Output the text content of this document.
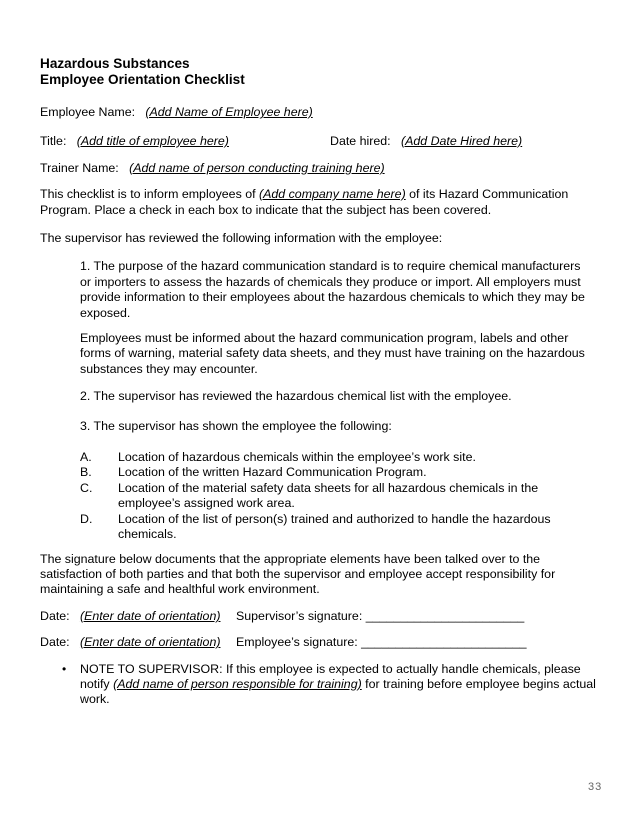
Hazardous Substances
Employee Orientation Checklist
Employee Name: (Add Name of Employee here)
Title: (Add title of employee here)	Date hired: (Add Date Hired here)
Trainer Name: (Add name of person conducting training here)
This checklist is to inform employees of (Add company name here) of its Hazard Communication
Program. Place a check in each box to indicate that the subject has been covered.
The supervisor has reviewed the following information with the employee:
1. The purpose of the hazard communication standard is to require chemical manufacturers
or importers to assess the hazards of chemicals they produce or import. All employers must
provide information to their employees about the hazardous chemicals to which they may be
exposed.
Employees must be informed about the hazard communication program, labels and other
forms of warning, material safety data sheets, and they must have training on the hazardous
substances they may encounter.
2. The supervisor has reviewed the hazardous chemical list with the employee.
3. The supervisor has shown the employee the following:
A. Location of hazardous chemicals within the employee’s work site.
B. Location of the written Hazard Communication Program.
C. Location of the material safety data sheets for all hazardous chemicals in the
employee’s assigned work area.
D. Location of the list of person(s) trained and authorized to handle the hazardous
chemicals.
The signature below documents that the appropriate elements have been talked over to the
satisfaction of both parties and that both the supervisor and employee accept responsibility for
maintaining a safe and healthful work environment.
Date: (Enter date of orientation) Supervisor’s signature: _______________________
Date: (Enter date of orientation) Employee’s signature: ________________________
• NOTE TO SUPERVISOR: If this employee is expected to actually handle chemicals, please
notify (Add name of person responsible for training) for training before employee begins actual
work.
33
